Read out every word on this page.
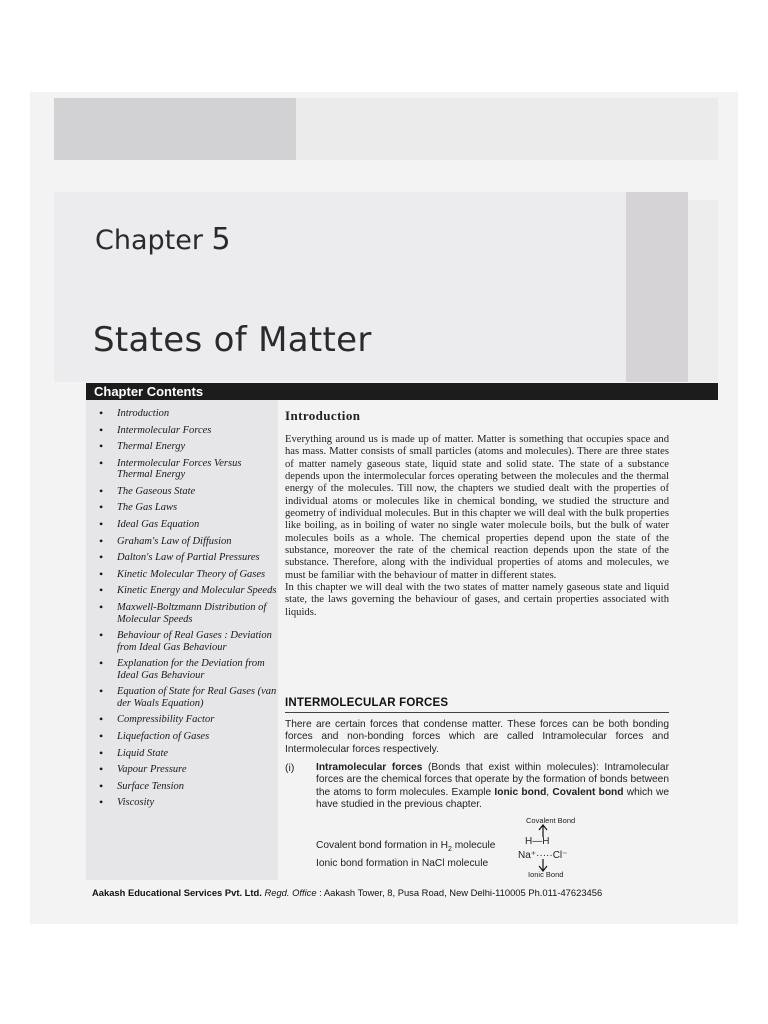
Chapter 5
States of Matter
Chapter Contents
• Introduction
• Intermolecular Forces
• Thermal Energy
• Intermolecular Forces Versus Thermal Energy
• The Gaseous State
• The Gas Laws
• Ideal Gas Equation
• Graham's Law of Diffusion
• Dalton's Law of Partial Pressures
• Kinetic Molecular Theory of Gases
• Kinetic Energy and Molecular Speeds
• Maxwell-Boltzmann Distribution of Molecular Speeds
• Behaviour of Real Gases : Deviation from Ideal Gas Behaviour
• Explanation for the Deviation from Ideal Gas Behaviour
• Equation of State for Real Gases (van der Waals Equation)
• Compressibility Factor
• Liquefaction of Gases
• Liquid State
• Vapour Pressure
• Surface Tension
• Viscosity
Introduction

Everything around us is made up of matter. Matter is something that occupies space and has mass. Matter consists of small particles (atoms and molecules). There are three states of matter namely gaseous state, liquid state and solid state. The state of a substance depends upon the intermolecular forces operating between the molecules and the thermal energy of the molecules. Till now, the chapters we studied dealt with the properties of individual atoms or molecules like in chemical bonding, we studied the structure and geometry of individual molecules. But in this chapter we will deal with the bulk properties like boiling, as in boiling of water no single water molecule boils, but the bulk of water molecules boils as a whole. The chemical properties depend upon the state of the substance, moreover the rate of the chemical reaction depends upon the state of the substance. Therefore, along with the individual properties of atoms and molecules, we must be familiar with the behaviour of matter in different states.

In this chapter we will deal with the two states of matter namely gaseous state and liquid state, the laws governing the behaviour of gases, and certain properties associated with liquids.

INTERMOLECULAR FORCES

There are certain forces that condense matter. These forces can be both bonding forces and non-bonding forces which are called Intramolecular forces and Intermolecular forces respectively.

(i) Intramolecular forces (Bonds that exist within molecules): Intramolecular forces are the chemical forces that operate by the formation of bonds between the atoms to form molecules. Example Ionic bond, Covalent bond which we have studied in the previous chapter.

Covalent bond formation in $H_2$ molecule
Ionic bond formation in NaCl molecule
Covalent Bond
H—H
Na⁺·····Cl⁻
Ionic Bond
Aakash Educational Services Pvt. Ltd. Regd. Office : Aakash Tower, 8, Pusa Road, New Delhi-110005 Ph.011-47623456
